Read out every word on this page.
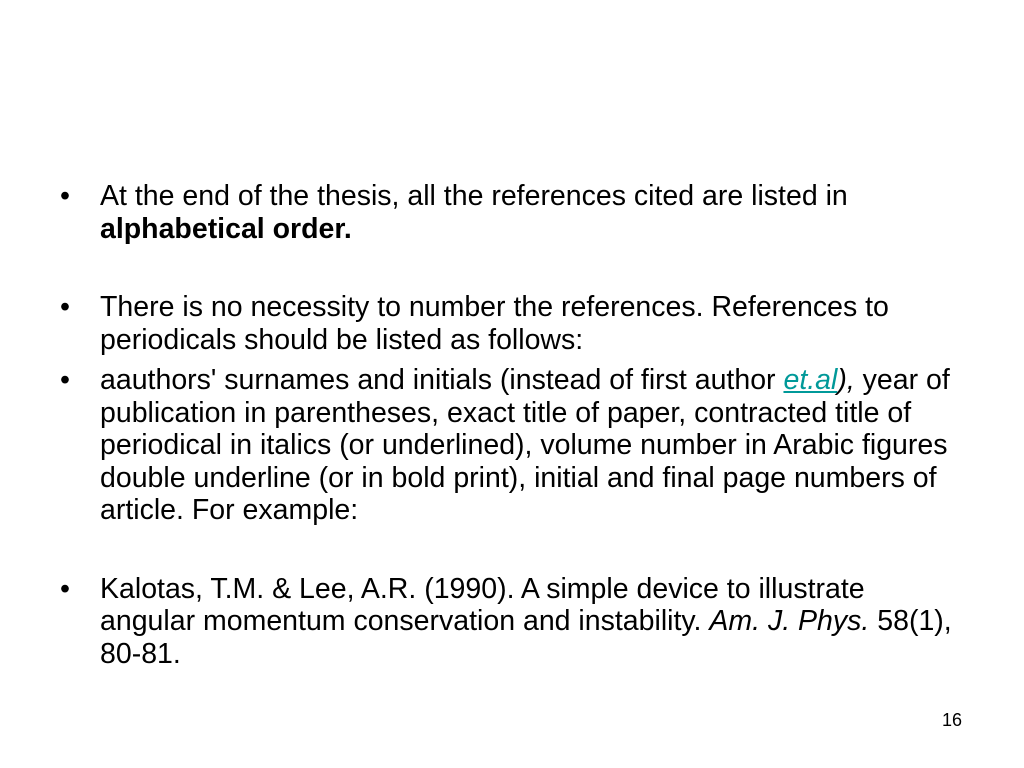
• At the end of the thesis, all the references cited are listed in alphabetical order.
• There is no necessity to number the references. References to periodicals should be listed as follows:
• aauthors' surnames and initials (instead of first author et.al), year of publication in parentheses, exact title of paper, contracted title of periodical in italics (or underlined), volume number in Arabic figures double underline (or in bold print), initial and final page numbers of article. For example:
• Kalotas, T.M. & Lee, A.R. (1990). A simple device to illustrate angular momentum conservation and instability. Am. J. Phys. 58(1), 80-81.
16
